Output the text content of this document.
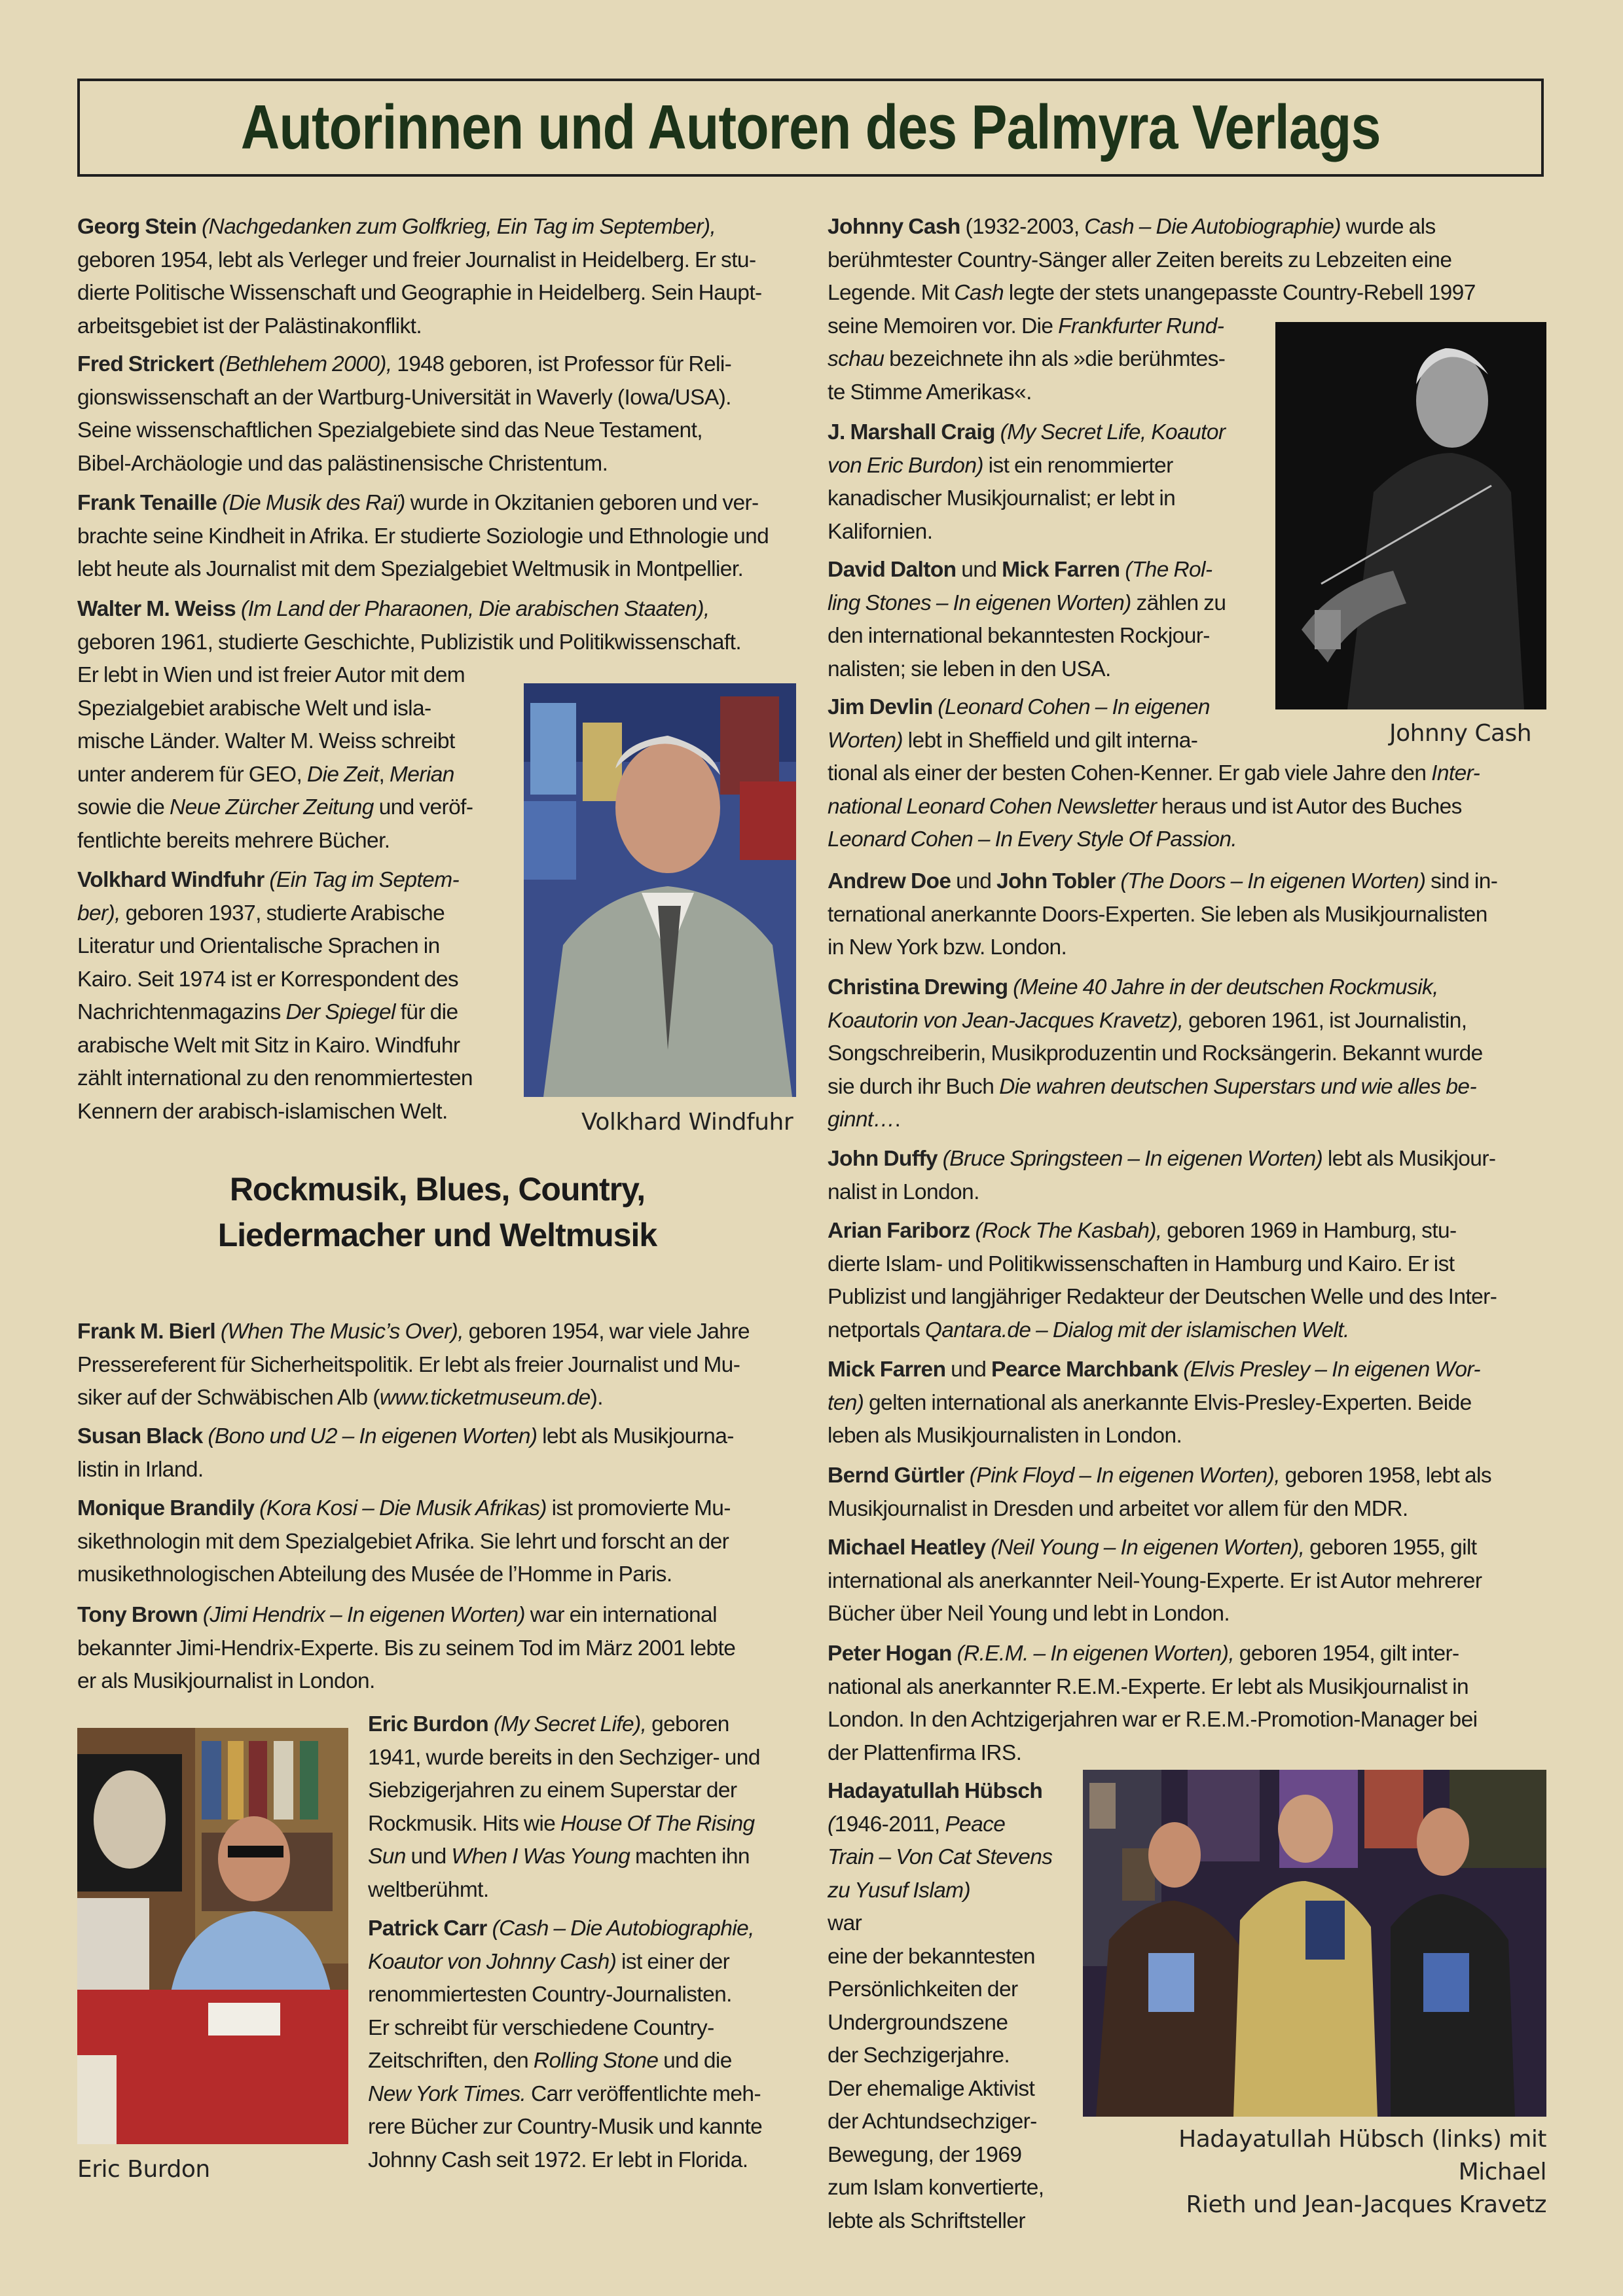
Autorinnen und Autoren des Palmyra Verlags
Georg Stein (Nachgedanken zum Golfkrieg, Ein Tag im September),
geboren 1954, lebt als Verleger und freier Journalist in Heidelberg. Er stu-
dierte Politische Wissenschaft und Geographie in Heidelberg. Sein Haupt-
arbeitsgebiet ist der Palästinakonflikt.
Fred Strickert (Bethlehem 2000), 1948 geboren, ist Professor für Reli-
gionswissenschaft an der Wartburg-Universität in Waverly (Iowa/USA).
Seine wissenschaftlichen Spezialgebiete sind das Neue Testament,
Bibel-Archäologie und das palästinensische Christentum.
Frank Tenaille (Die Musik des Raï) wurde in Okzitanien geboren und ver-
brachte seine Kindheit in Afrika. Er studierte Soziologie und Ethnologie und
lebt heute als Journalist mit dem Spezialgebiet Weltmusik in Montpellier.
Walter M. Weiss (Im Land der Pharaonen, Die arabischen Staaten),
geboren 1961, studierte Geschichte, Publizistik und Politikwissenschaft.
Er lebt in Wien und ist freier Autor mit dem
Spezialgebiet arabische Welt und isla-
mische Länder. Walter M. Weiss schreibt
unter anderem für GEO, Die Zeit, Merian
sowie die Neue Zürcher Zeitung und veröf-
fentlichte bereits mehrere Bücher.
Volkhard Windfuhr (Ein Tag im Septem-
ber), geboren 1937, studierte Arabische
Literatur und Orientalische Sprachen in
Kairo. Seit 1974 ist er Korrespondent des
Nachrichtenmagazins Der Spiegel für die
arabische Welt mit Sitz in Kairo. Windfuhr
zählt international zu den renommiertesten
Kennern der arabisch-islamischen Welt.	Volkhard Windfuhr
Rockmusik, Blues, Country,
Liedermacher und Weltmusik
Frank M. Bierl (When The Music’s Over), geboren 1954, war viele Jahre
Pressereferent für Sicherheitspolitik. Er lebt als freier Journalist und Mu-
siker auf der Schwäbischen Alb (www.ticketmuseum.de).
Susan Black (Bono und U2 – In eigenen Worten) lebt als Musikjourna-
listin in Irland.
Monique Brandily (Kora Kosi – Die Musik Afrikas) ist promovierte Mu-
sikethnologin mit dem Spezialgebiet Afrika. Sie lehrt und forscht an der
musikethnologischen Abteilung des Musée de l’Homme in Paris.
Tony Brown (Jimi Hendrix – In eigenen Worten) war ein international
bekannter Jimi-Hendrix-Experte. Bis zu seinem Tod im März 2001 lebte
er als Musikjournalist in London.
Eric Burdon
Eric Burdon (My Secret Life), geboren
1941, wurde bereits in den Sechziger- und
Siebzigerjahren zu einem Superstar der
Rockmusik. Hits wie House Of The Rising
Sun und When I Was Young machten ihn
weltberühmt.
Patrick Carr (Cash – Die Autobiographie,
Koautor von Johnny Cash) ist einer der
renommiertesten Country-Journalisten.
Er schreibt für verschiedene Country-
Zeitschriften, den Rolling Stone und die
New York Times. Carr veröffentlichte meh-
rere Bücher zur Country-Musik und kannte
Johnny Cash seit 1972. Er lebt in Florida.
Johnny Cash (1932-2003, Cash – Die Autobiographie) wurde als
berühmtester Country-Sänger aller Zeiten bereits zu Lebzeiten eine
Legende. Mit Cash legte der stets unangepasste Country-Rebell 1997
seine Memoiren vor. Die Frankfurter Rund-
schau bezeichnete ihn als »die berühmtes-
te Stimme Amerikas«.
Johnny Cash
J. Marshall Craig (My Secret Life, Koautor
von Eric Burdon) ist ein renommierter
kanadischer Musikjournalist; er lebt in
Kalifornien.
David Dalton und Mick Farren (The Rol-
ling Stones – In eigenen Worten) zählen zu
den international bekanntesten Rockjour-
nalisten; sie leben in den USA.
Jim Devlin (Leonard Cohen – In eigenen
Worten) lebt in Sheffield und gilt interna-
tional als einer der besten Cohen-Kenner. Er gab viele Jahre den Inter-
national Leonard Cohen Newsletter heraus und ist Autor des Buches
Leonard Cohen – In Every Style Of Passion.
Andrew Doe und John Tobler (The Doors – In eigenen Worten) sind in-
ternational anerkannte Doors-Experten. Sie leben als Musikjournalisten
in New York bzw. London.
Christina Drewing (Meine 40 Jahre in der deutschen Rockmusik,
Koautorin von Jean-Jacques Kravetz), geboren 1961, ist Journalistin,
Songschreiberin, Musikproduzentin und Rocksängerin. Bekannt wurde
sie durch ihr Buch Die wahren deutschen Superstars und wie alles be-
ginnt….
John Duffy (Bruce Springsteen – In eigenen Worten) lebt als Musikjour-
nalist in London.
Arian Fariborz (Rock The Kasbah), geboren 1969 in Hamburg, stu-
dierte Islam- und Politikwissenschaften in Hamburg und Kairo. Er ist
Publizist und langjähriger Redakteur der Deutschen Welle und des Inter-
netportals Qantara.de – Dialog mit der islamischen Welt.
Mick Farren und Pearce Marchbank (Elvis Presley – In eigenen Wor-
ten) gelten international als anerkannte Elvis-Presley-Experten. Beide
leben als Musikjournalisten in London.
Bernd Gürtler (Pink Floyd – In eigenen Worten), geboren 1958, lebt als
Musikjournalist in Dresden und arbeitet vor allem für den MDR.
Michael Heatley (Neil Young – In eigenen Worten), geboren 1955, gilt
international als anerkannter Neil-Young-Experte. Er ist Autor mehrerer
Bücher über Neil Young und lebt in London.
Peter Hogan (R.E.M. – In eigenen Worten), geboren 1954, gilt inter-
national als anerkannter R.E.M.-Experte. Er lebt als Musikjournalist in
London. In den Achtzigerjahren war er R.E.M.-Promotion-Manager bei
der Plattenfirma IRS.
Hadayatullah Hübsch
(1946-2011, Peace
Train – Von Cat Stevens
zu Yusuf Islam)
war
eine der bekanntesten
Persönlichkeiten der
Undergroundszene
der Sechzigerjahre.
Der ehemalige Aktivist
der Achtundsechziger-
Bewegung, der 1969
zum Islam konvertierte,
lebte als Schriftsteller
Hadayatullah Hübsch (links) mit Michael
Rieth und Jean-Jacques Kravetz
